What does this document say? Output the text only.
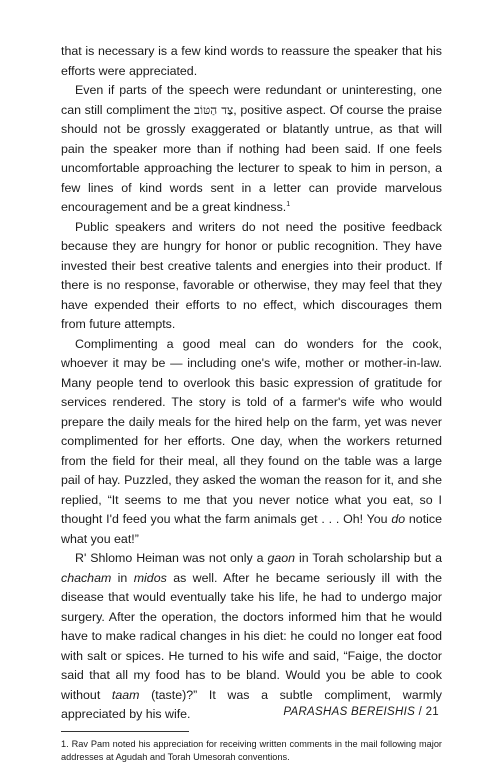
that is necessary is a few kind words to reassure the speaker that his efforts were appreciated.

Even if parts of the speech were redundant or uninteresting, one can still compliment the צַד הַטּוֹב, positive aspect. Of course the praise should not be grossly exaggerated or blatantly untrue, as that will pain the speaker more than if nothing had been said. If one feels uncomfortable approaching the lecturer to speak to him in person, a few lines of kind words sent in a letter can provide marvelous encouragement and be a great kindness.$^1$

Public speakers and writers do not need the positive feedback because they are hungry for honor or public recognition. They have invested their best creative talents and energies into their product. If there is no response, favorable or otherwise, they may feel that they have expended their efforts to no effect, which discourages them from future attempts.

Complimenting a good meal can do wonders for the cook, whoever it may be — including one's wife, mother or mother-in-law. Many people tend to overlook this basic expression of gratitude for services rendered. The story is told of a farmer's wife who would prepare the daily meals for the hired help on the farm, yet was never complimented for her efforts. One day, when the workers returned from the field for their meal, all they found on the table was a large pail of hay. Puzzled, they asked the woman the reason for it, and she replied, “It seems to me that you never notice what you eat, so I thought I'd feed you what the farm animals get . . . Oh! You do notice what you eat!”

R' Shlomo Heiman was not only a gaon in Torah scholarship but a chacham in midos as well. After he became seriously ill with the disease that would eventually take his life, he had to undergo major surgery. After the operation, the doctors informed him that he would have to make radical changes in his diet: he could no longer eat food with salt or spices. He turned to his wife and said, “Faige, the doctor said that all my food has to be bland. Would you be able to cook without taam (taste)?” It was a subtle compliment, warmly appreciated by his wife.

1. Rav Pam noted his appreciation for receiving written comments in the mail following major addresses at Agudah and Torah Umesorah conventions.

PARASHAS BEREISHIS / 21
